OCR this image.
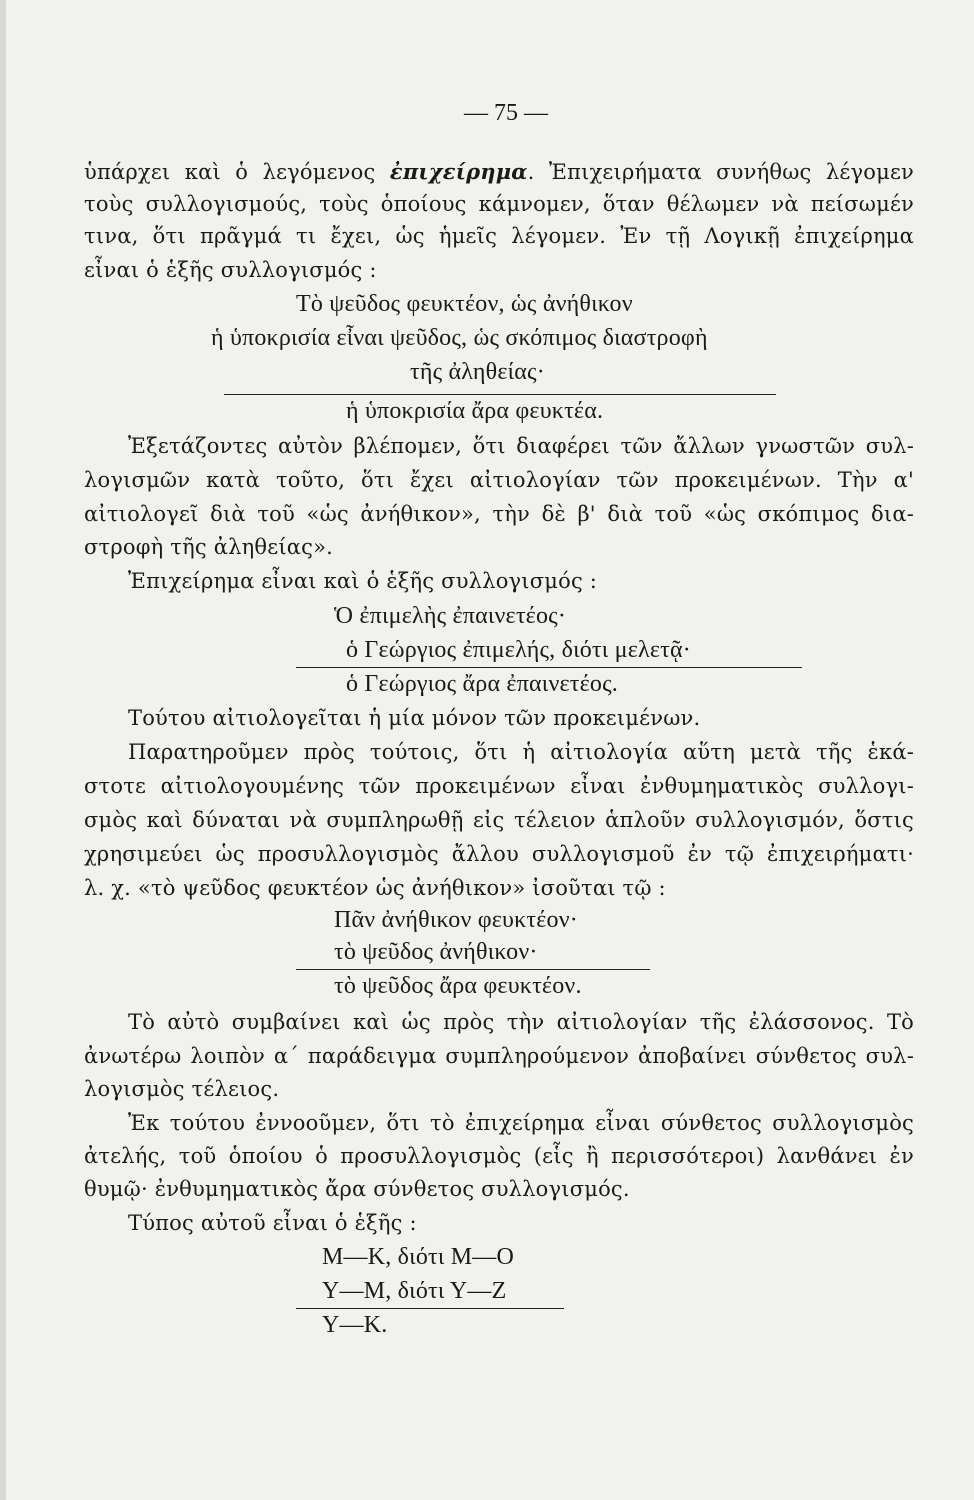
— 75 —
ὑπάρχει καὶ ὁ λεγόμενος ἐπιχείρημα. Ἐπιχειρήματα συνήθως λέγομεν
τοὺς συλλογισμούς, τοὺς ὁποίους κάμνομεν, ὅταν θέλωμεν νὰ πείσωμέν
τινα, ὅτι πρᾶγμά τι ἔχει, ὡς ἡμεῖς λέγομεν. Ἐν τῇ Λογικῇ ἐπιχείρημα
εἶναι ὁ ἑξῆς συλλογισμός :
Τὸ ψεῦδος φευκτέον, ὡς ἀνήθικον
ἡ ὑποκρισία εἶναι ψεῦδος, ὡς σκόπιμος διαστροφὴ
τῆς ἀληθείας·
ἡ ὑποκρισία ἄρα φευκτέα.
Ἐξετάζοντες αὐτὸν βλέπομεν, ὅτι διαφέρει τῶν ἄλλων γνωστῶν συλ-
λογισμῶν κατὰ τοῦτο, ὅτι ἔχει αἰτιολογίαν τῶν προκειμένων. Τὴν α'
αἰτιολογεῖ διὰ τοῦ «ὡς ἀνήθικον», τὴν δὲ β' διὰ τοῦ «ὡς σκόπιμος δια-
στροφὴ τῆς ἀληθείας».
Ἐπιχείρημα εἶναι καὶ ὁ ἑξῆς συλλογισμός :
Ὁ ἐπιμελὴς ἐπαινετέος·
ὁ Γεώργιος ἐπιμελής, διότι μελετᾷ·
ὁ Γεώργιος ἄρα ἐπαινετέος.
Τούτου αἰτιολογεῖται ἡ μία μόνον τῶν προκειμένων.
Παρατηροῦμεν πρὸς τούτοις, ὅτι ἡ αἰτιολογία αὕτη μετὰ τῆς ἑκά-
στοτε αἰτιολογουμένης τῶν προκειμένων εἶναι ἐνθυμηματικὸς συλλογι-
σμὸς καὶ δύναται νὰ συμπληρωθῇ εἰς τέλειον ἁπλοῦν συλλογισμόν, ὅστις
χρησιμεύει ὡς προσυλλογισμὸς ἄλλου συλλογισμοῦ ἐν τῷ ἐπιχειρήματι·
λ. χ. «τὸ ψεῦδος φευκτέον ὡς ἀνήθικον» ἰσοῦται τῷ :
Πᾶν ἀνήθικον φευκτέον·
τὸ ψεῦδος ἀνήθικον·
τὸ ψεῦδος ἄρα φευκτέον.
Τὸ αὐτὸ συμβαίνει καὶ ὡς πρὸς τὴν αἰτιολογίαν τῆς ἐλάσσονος. Τὸ
ἀνωτέρω λοιπὸν α΄ παράδειγμα συμπληρούμενον ἀποβαίνει σύνθετος συλ-
λογισμὸς τέλειος.
Ἐκ τούτου ἐννοοῦμεν, ὅτι τὸ ἐπιχείρημα εἶναι σύνθετος συλλογισμὸς
ἀτελής, τοῦ ὁποίου ὁ προσυλλογισμὸς (εἷς ἢ περισσότεροι) λανθάνει ἐν
θυμῷ· ἐνθυμηματικὸς ἄρα σύνθετος συλλογισμός.
Τύπος αὐτοῦ εἶναι ὁ ἑξῆς :
Μ—Κ, διότι Μ—Ο
Υ—Μ, διότι Υ—Ζ
Υ—Κ.
